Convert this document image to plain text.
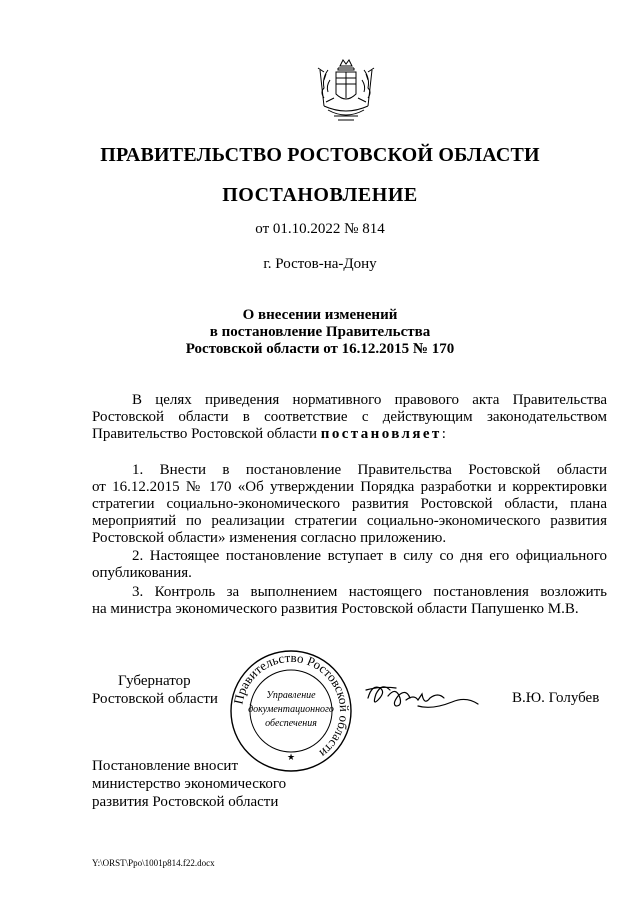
ПРАВИТЕЛЬСТВО РОСТОВСКОЙ ОБЛАСТИ
ПОСТАНОВЛЕНИЕ
от 01.10.2022 № 814
г. Ростов-на-Дону
О внесении изменений
в постановление Правительства
Ростовской области от 16.12.2015 № 170
В целях приведения нормативного правового акта Правительства
Ростовской области в соответствие с действующим законодательством
Правительство Ростовской области постановляет:
1. Внести в постановление Правительства Ростовской области
от 16.12.2015 № 170 «Об утверждении Порядка разработки и корректировки
стратегии социально-экономического развития Ростовской области, плана
мероприятий по реализации стратегии социально-экономического развития
Ростовской области» изменения согласно приложению.
2. Настоящее постановление вступает в силу со дня его официального
опубликования.
3. Контроль за выполнением настоящего постановления возложить
на министра экономического развития Ростовской области Папушенко М.В.
Губернатор
Ростовской области Правительство Ростовской области
★
Управление
документационного
обеспечения
В.Ю. Голубев
Постановление вносит
министерство экономического
развития Ростовской области
Y:\ORST\Ppo\1001p814.f22.docx
